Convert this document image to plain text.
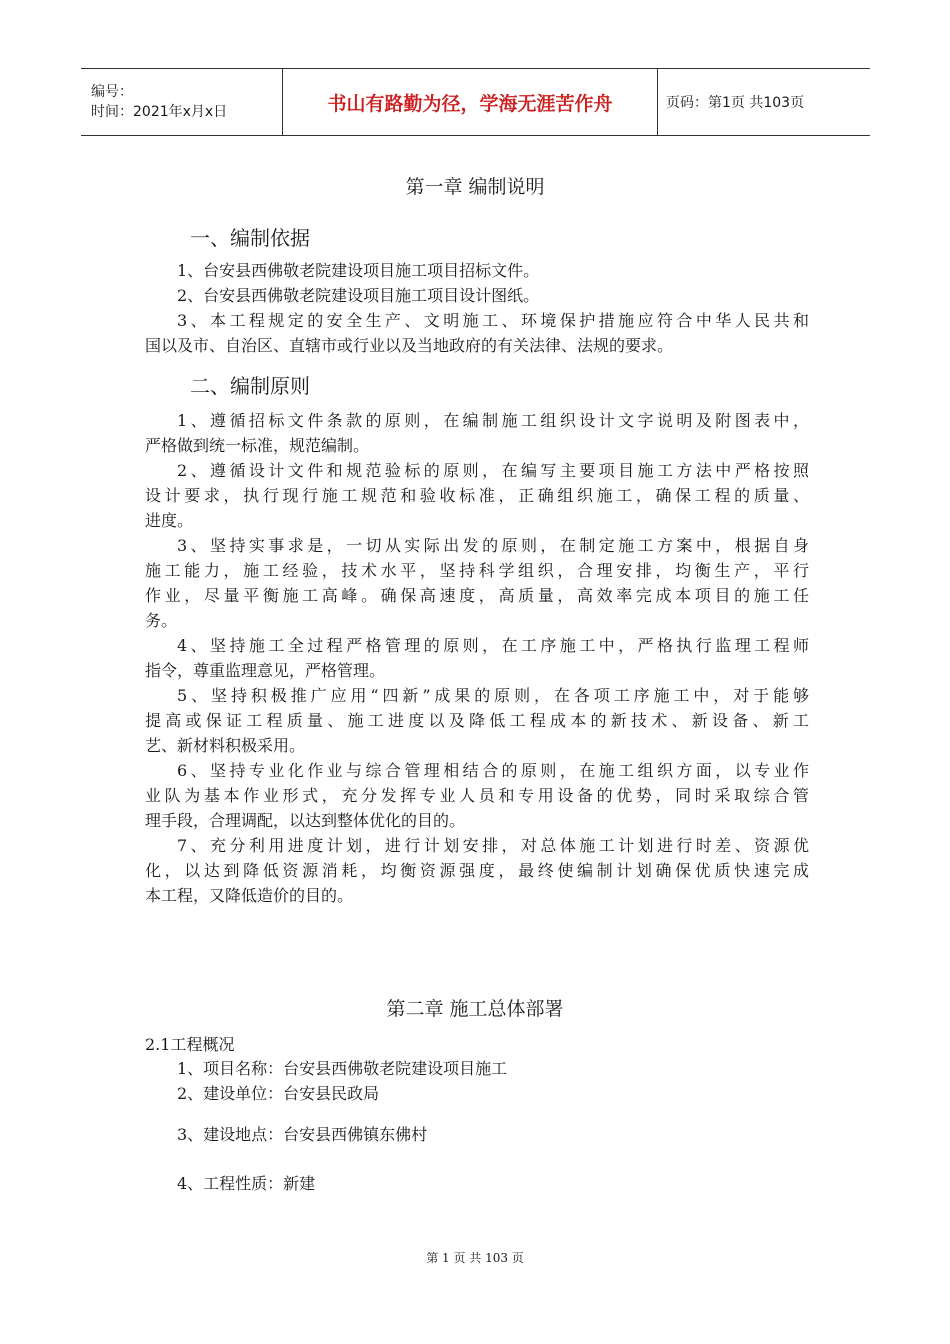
编号：
时间：2021年x月x日	书山有路勤为径，学海无涯苦作舟	页码：第1页 共103页
第一章 编制说明
一、编制依据
1、台安县西佛敬老院建设项目施工项目招标文件。
2、台安县西佛敬老院建设项目施工项目设计图纸。
3、本工程规定的安全生产、文明施工、环境保护措施应符合中华人民共和
国以及市、自治区、直辖市或行业以及当地政府的有关法律、法规的要求。
二、编制原则
1、遵循招标文件条款的原则，在编制施工组织设计文字说明及附图表中，
严格做到统一标准，规范编制。
2、遵循设计文件和规范验标的原则，在编写主要项目施工方法中严格按照
设计要求，执行现行施工规范和验收标准，正确组织施工，确保工程的质量、
进度。
3、坚持实事求是，一切从实际出发的原则，在制定施工方案中，根据自身
施工能力，施工经验，技术水平，坚持科学组织，合理安排，均衡生产，平行
作业，尽量平衡施工高峰。确保高速度，高质量，高效率完成本项目的施工任
务。
4、坚持施工全过程严格管理的原则，在工序施工中，严格执行监理工程师
指令，尊重监理意见，严格管理。
5、坚持积极推广应用“四新”成果的原则，在各项工序施工中，对于能够
提高或保证工程质量、施工进度以及降低工程成本的新技术、新设备、新工
艺、新材料积极采用。
6、坚持专业化作业与综合管理相结合的原则，在施工组织方面，以专业作
业队为基本作业形式，充分发挥专业人员和专用设备的优势，同时采取综合管
理手段，合理调配，以达到整体优化的目的。
7、充分利用进度计划，进行计划安排，对总体施工计划进行时差、资源优
化，以达到降低资源消耗，均衡资源强度，最终使编制计划确保优质快速完成
本工程，又降低造价的目的。
第二章 施工总体部署
2.1工程概况
1、项目名称：台安县西佛敬老院建设项目施工
2、建设单位：台安县民政局
3、建设地点：台安县西佛镇东佛村
4、工程性质：新建
第 1 页 共 103 页
